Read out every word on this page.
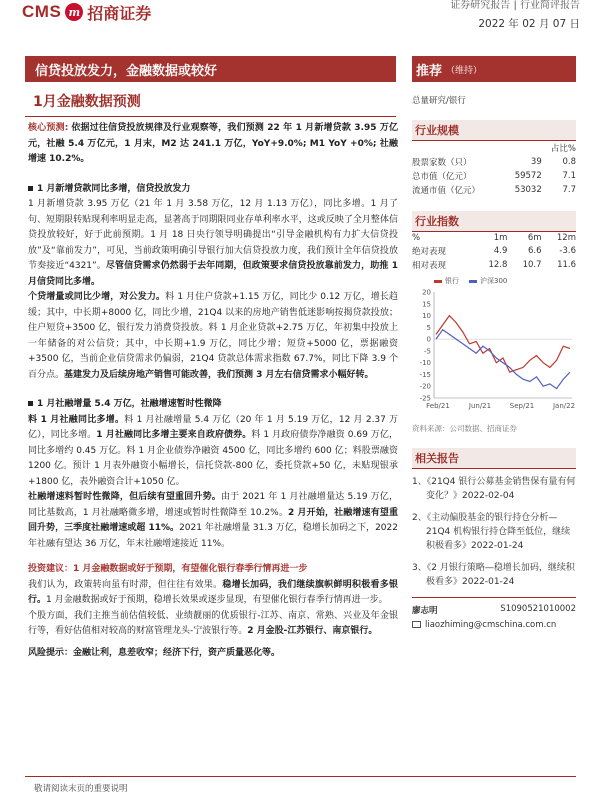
CMS m 招商证券	证券研究报告 | 行业简评报告
2022 年 02 月 07 日
信贷投放发力，金融数据或较好	推荐 （维持）
1月金融数据预测

核心预测: 依据过往信贷投放规律及行业观察等，我们预测 22 年 1 月新增贷款 3.95 万亿元，社融 5.4 万亿元，1 月末，M2 达 241.1 万亿，YoY+9.0%; M1 YoY +0%; 社融增速 10.2%。

1 月新增贷款同比多增，信贷投放发力

1 月新增贷款 3.95 万亿（21 年 1 月 3.58 万亿，12 月 1.13 万亿），同比多增。1 月了句、短期限转贴现利率明显走高，显著高于同期限同业存单利率水平，这或反映了全月整体信贷投放较好，好于此前预期。1 月 18 日央行领导明确提出“引导金融机构有力扩大信贷投放”及“靠前发力”，可见，当前政策明确引导银行加大信贷投放力度，我们预计全年信贷投放节奏接近“4321”。尽管信贷需求仍然弱于去年同期，但政策要求信贷投放靠前发力，助推 1 月信贷同比多增。

个贷增量或同比少增，对公发力。料 1 月住户贷款+1.15 万亿，同比少 0.12 万亿，增长趋缓；其中，中长期+8000 亿，同比少增，21Q4 以来的房地产销售低迷影响按揭贷款投放；住户短贷+3500 亿，银行发力消费贷投放。料 1 月企业贷款+2.75 万亿，年初集中投放上一年储备的对公信贷；其中，中长期+1.9 万亿，同比少增；短贷+5000 亿，票据融资+3500 亿，当前企业信贷需求仍偏弱，21Q4 贷款总体需求指数 67.7%，同比下降 3.9 个百分点。基建发力及后续房地产销售可能改善，我们预测 3 月左右信贷需求小幅好转。

1 月社融增量 5.4 万亿，社融增速暂时性微降

料 1 月社融同比多增。料 1 月社融增量 5.4 万亿（20 年 1 月 5.19 万亿，12 月 2.37 万亿），同比多增。1 月社融同比多增主要来自政府债券。料 1 月政府债券净融资 0.69 万亿，同比多增约 0.45 万亿。料 1 月企业债券净融资 4500 亿，同比多增约 600 亿；料股票融资 1200 亿。预计 1 月表外融资小幅增长，信托贷款-800 亿，委托贷款+50 亿，未贴现银承+1800 亿，表外融资合计+1050 亿。

社融增速料暂时性微降，但后续有望重回升势。由于 2021 年 1 月社融增量达 5.19 万亿，同比基数高，1 月社融略微多增，增速或暂时性微降至 10.2%。2 月开始，社融增速有望重回升势，三季度社融增速或超 11%。2021 年社融增量 31.3 万亿，稳增长加码之下，2022 年社融有望达 36 万亿，年末社融增速接近 11%。

投资建议：1 月金融数据或好于预期，有望催化银行春季行情再进一步

我们认为，政策转向虽有时滞，但往往有效果。稳增长加码，我们继续旗帜鲜明积极看多银行。1 月金融数据或好于预期，稳增长效果或逐步显现，有望催化银行春季行情再进一步。

个股方面，我们主推当前估值较低、业绩靓丽的优质银行-江苏、南京、常熟、兴业及年金银行等，看好估值相对较高的财富管理龙头-宁波银行等。2 月金股-江苏银行、南京银行。

风险提示：金融让利，息差收窄；经济下行，资产质量恶化等。

总量研究/银行
行业规模
		占比%
股票家数（只）	39	0.8
总市值（亿元）	59572	7.1
流通市值（亿元）	53032	7.7
行业指数
%	1m	6m	12m
绝对表现	4.9	6.6	-3.6
相对表现	12.8	10.7	11.6
银行	沪深300
20
15
10
5
0
-5
-10
-15
-20
-25
Feb/21	Jun/21	Sep/21	Jan/22
资料来源：公司数据、招商证券
相关报告
1、《21Q4 银行公募基金销售保有量有何变化？》2022-02-04
2、《主动偏股基金的银行持仓分析—21Q4 机构银行持仓降至低位，继续积极看多》2022-01-24
3、《2 月银行策略—稳增长加码，继续积极看多》2022-01-24
廖志明	S1090521010002
liaozhiming@cmschina.com.cn
敬请阅读末页的重要说明
